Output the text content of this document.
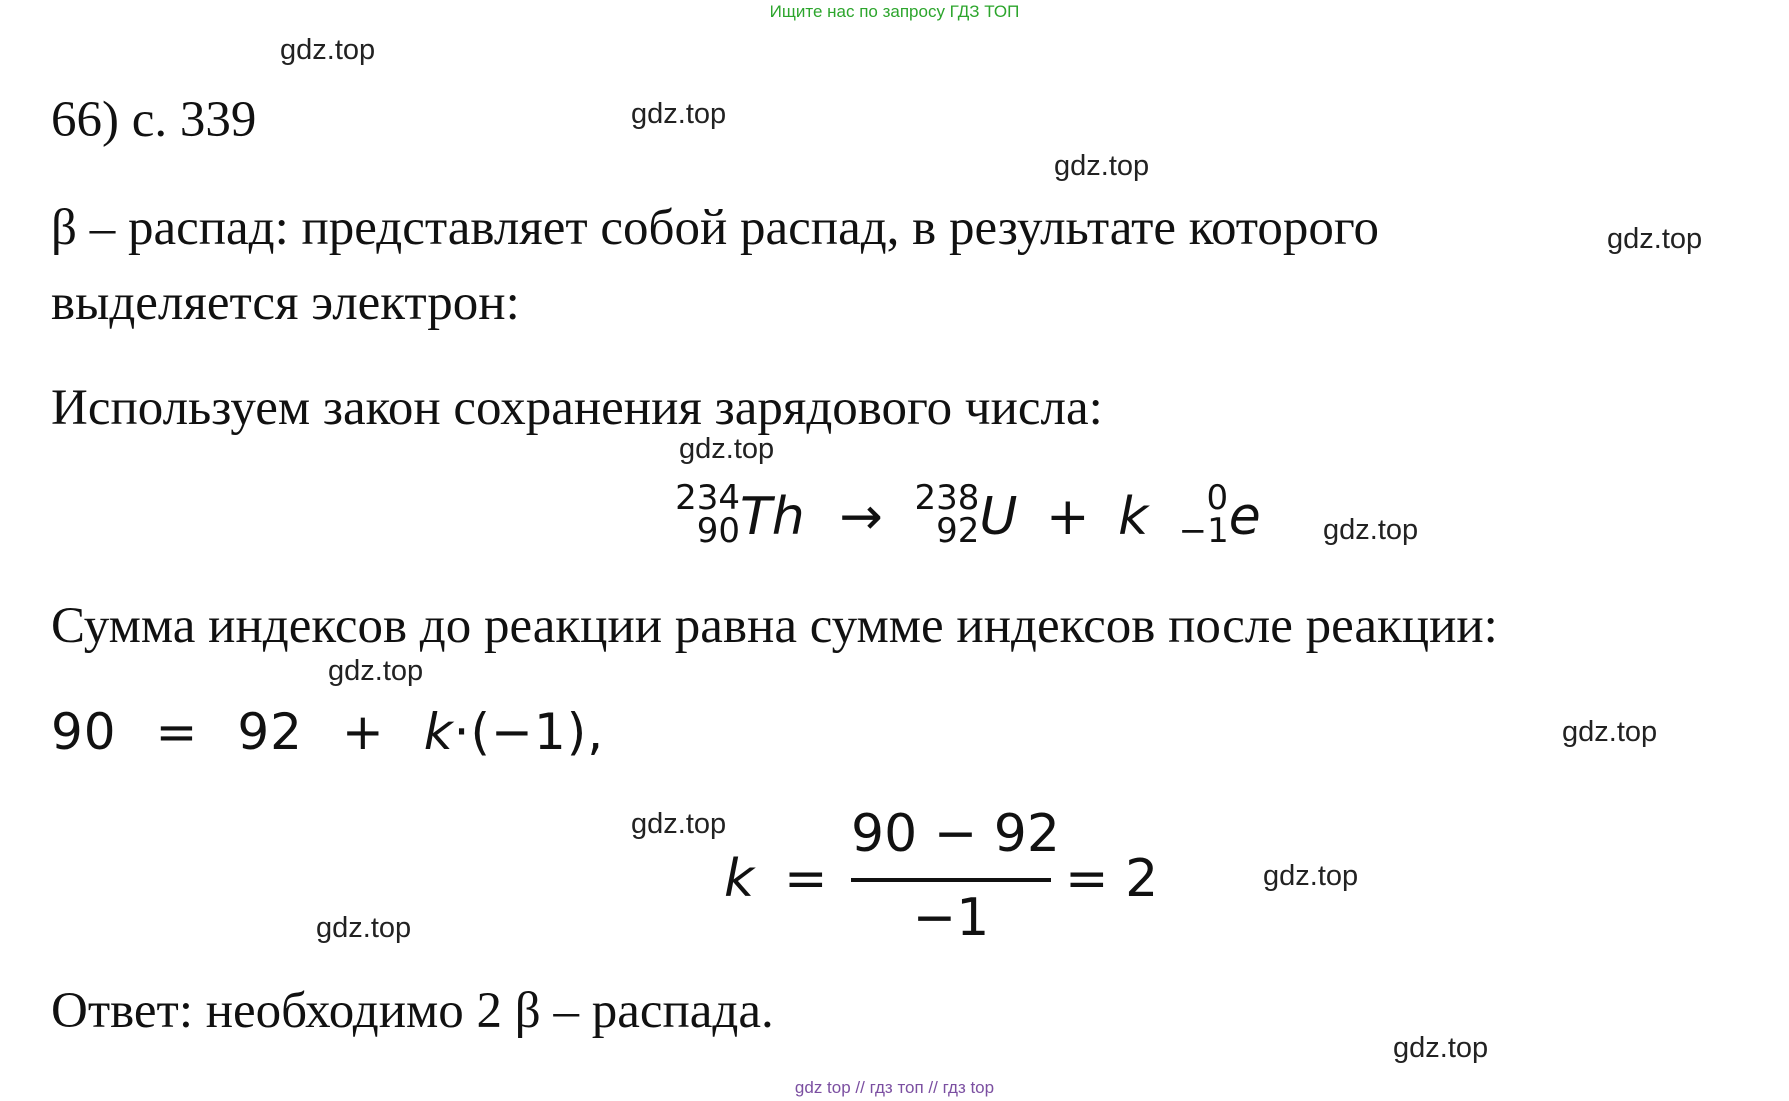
Ищите нас по запросу ГДЗ ТОП
gdz.top
gdz.top
gdz.top
gdz.top
gdz.top
gdz.top
gdz.top
gdz.top
gdz.top
gdz.top
gdz.top
gdz.top
66) с. 339
β – распад: представляет собой распад, в результате которого
выделяется электрон:
Используем закон сохранения зарядового числа:
234
90 Th → 238
92 U + k 0
−1 e
Сумма индексов до реакции равна сумме индексов после реакции:
90 = 92 + k·(−1),
k =
90 − 92
−1
= 2
Ответ: необходимо 2 β – распада.
gdz top // гдз топ // гдз top
